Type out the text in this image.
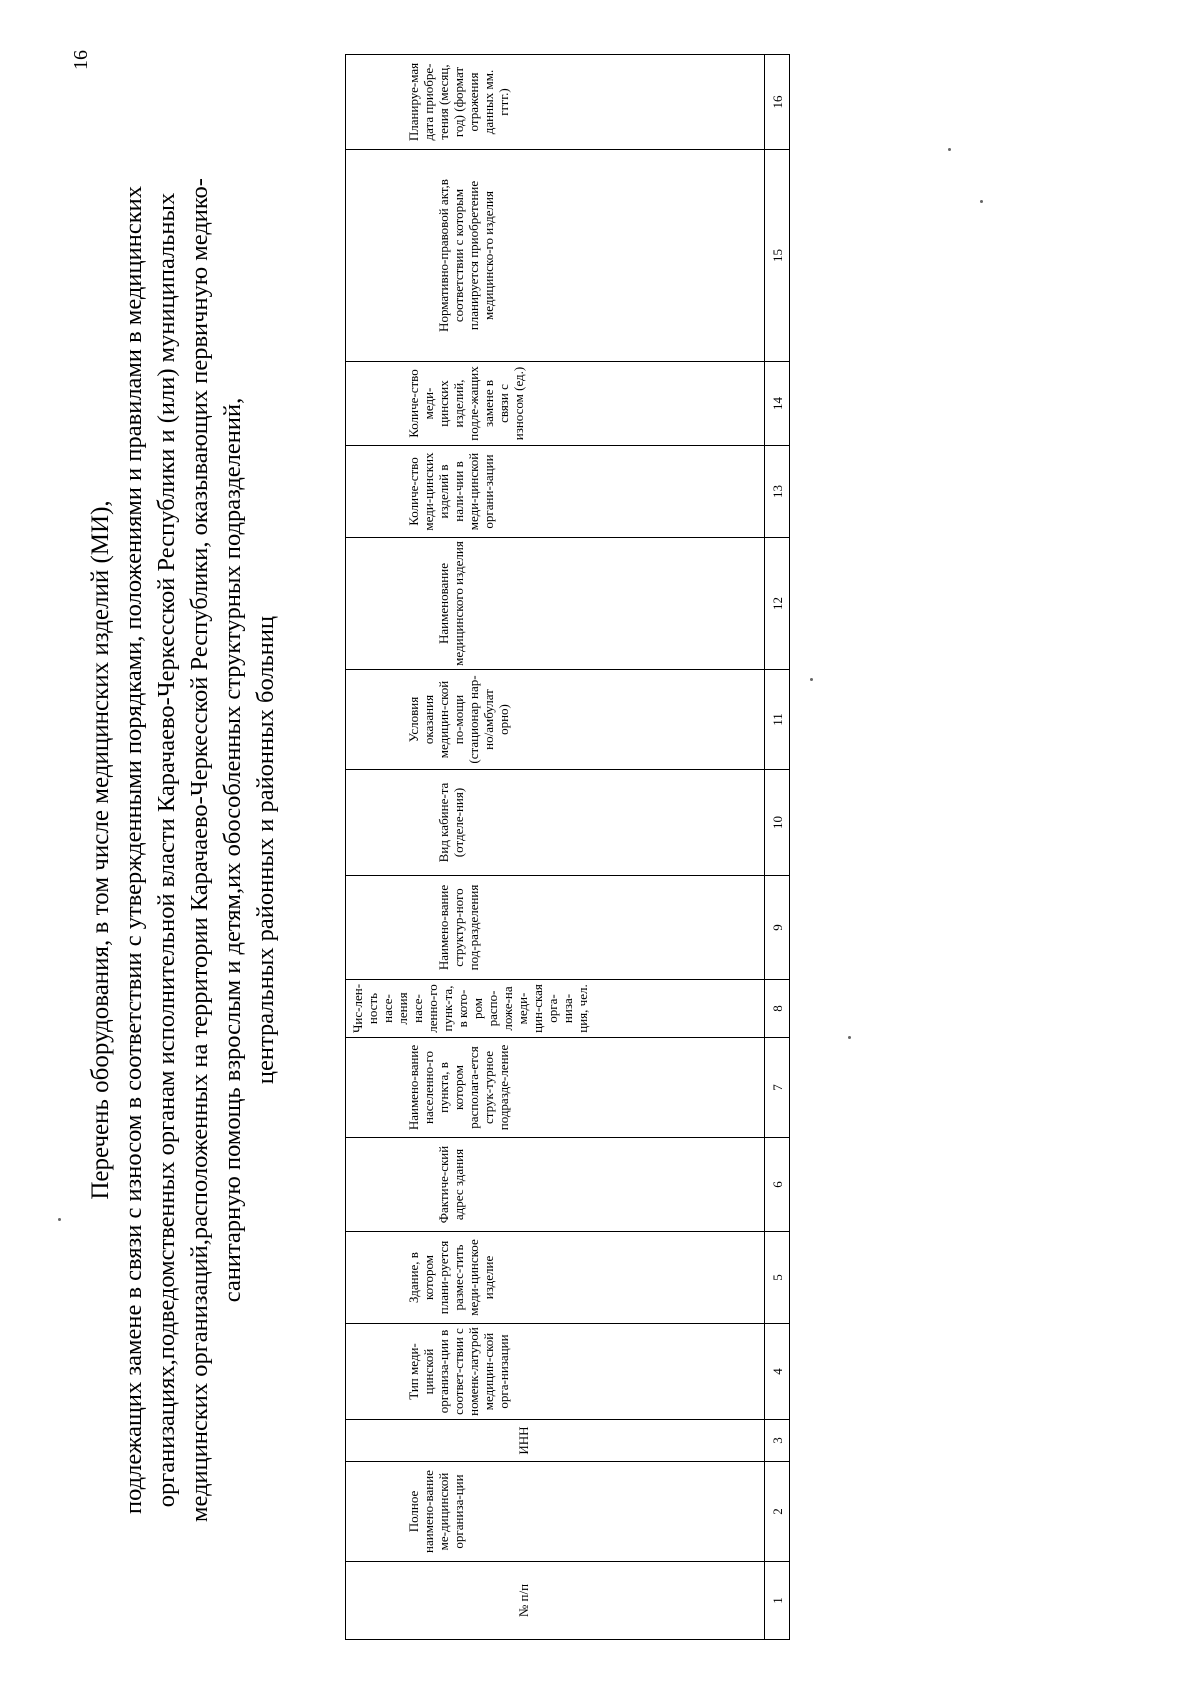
16
Перечень оборудования, в том числе медицинских изделий (МИ), подлежащих замене в связи с износом в соответствии с утвержденными порядками, положениями и правилами в медицинских организациях,подведомственных органам исполнительной власти Карачаево-Черкесской Республики и (или) муниципальных медицинских организаций,расположенных на территории Карачаево-Черкесской Республики, оказывающих первичную медико- санитарную помощь взрослым и детям,их обособленных структурных подразделений, центральных районных и районных больниц
№ п/п	Полное наимено-вание ме-дицинской организа-ции	ИНН	Тип меди-цинской организа-ции в соответ-ствии с номенк-латурой медицин-ской орга-низации	Здание, в котором плани-руется размес-тить меди-цинское изделие	Фактиче-ский адрес здания	Наимено-вание населенно-го пункта, в котором располага-ется струк-турное подразде-ление	Чис-лен-ность насе-ления насе-ленно-го пунк-та, в кото-ром распо-ложе-на меди-цин-ская орга-низа-ция, чел.	Наимено-вание структур-ного под-разделения	Вид кабине-та (отделе-ния)	Условия оказания медицин-ской по-мощи (стационар нар-но/амбулат орно)	Наименование медицинского изделия	Количе-ство меди-цинских изделий в нали-чии в меди-цинской органи-зации	Количе-ство меди-цинских изделий, подле-жащих замене в связи с износом (ед.)	Нормативно-правовой акт,в соответствии с которым планируется приобретение медицинско-го изделия	Планируе-мая дата приобре-тения (месяц, год) (формат отражения данных мм. гггг.)
1	2	3	4	5	6	7	8	9	10	11	12	13	14	15	16
